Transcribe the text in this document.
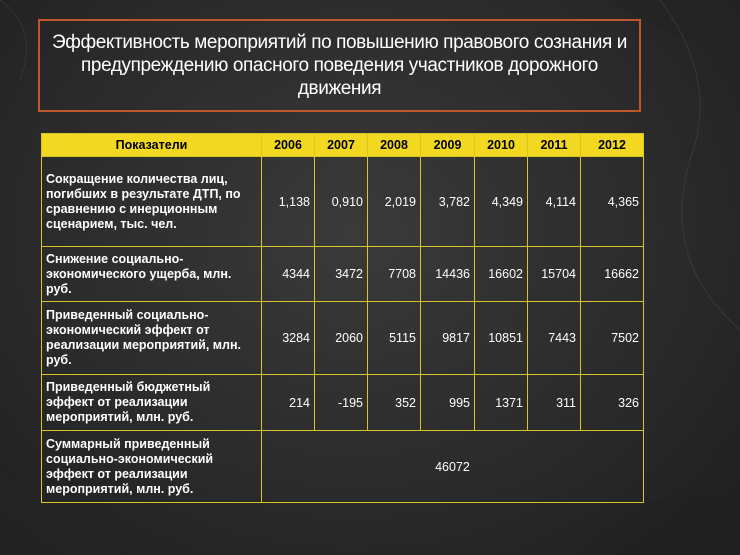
Эффективность мероприятий по повышению правового сознания и предупреждению опасного поведения участников дорожного движения
Показатели	2006	2007	2008	2009	2010	2011	2012
Сокращение количества лиц, погибших в результате ДТП, по сравнению с инерционным сценарием, тыс. чел.	1,138	0,910	2,019	3,782	4,349	4,114	4,365
Снижение социально-экономического ущерба, млн. руб.	4344	3472	7708	14436	16602	15704	16662
Приведенный социально-экономический эффект от реализации мероприятий, млн. руб.	3284	2060	5115	9817	10851	7443	7502
Приведенный бюджетный эффект от реализации мероприятий, млн. руб.	214	-195	352	995	1371	311	326
Суммарный приведенный социально-экономический эффект от реализации мероприятий, млн. руб.	46072						
